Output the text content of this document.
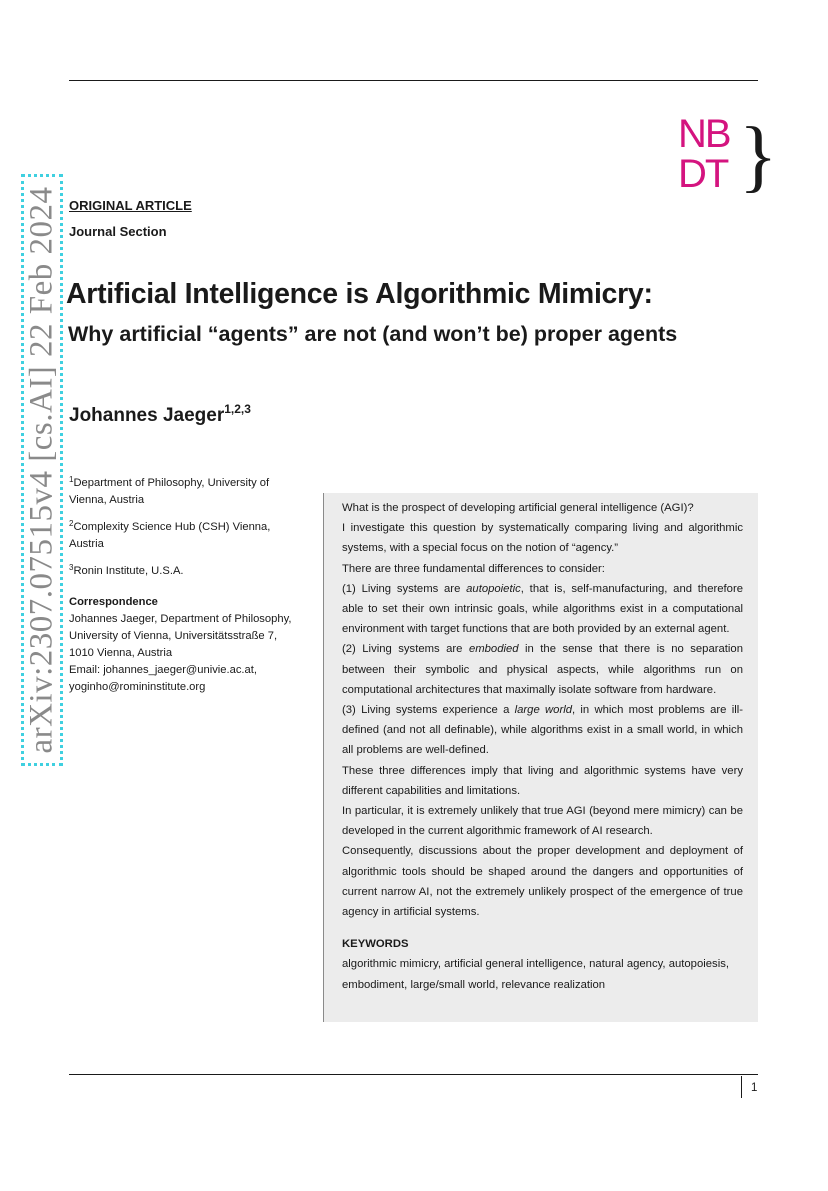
NB
DT }
arXiv:2307.07515v4 [cs.AI] 22 Feb 2024 ORIGINAL ARTICLE
Journal Section
Artificial Intelligence is Algorithmic Mimicry:
Why artificial “agents” are not (and won’t be) proper agents
Johannes Jaeger$^{1,2,3}$

$^1$Department of Philosophy, University of Vienna, Austria

$^2$Complexity Science Hub (CSH) Vienna, Austria

$^3$Ronin Institute, U.S.A.

Correspondence
Johannes Jaeger, Department of Philosophy, University of Vienna, Universitätsstraße 7, 1010 Vienna, Austria
Email: johannes_jaeger@univie.ac.at, yoginho@romininstitute.org

What is the prospect of developing artificial general intelligence (AGI)?

I investigate this question by systematically comparing living and algorithmic systems, with a special focus on the notion of “agency.”

There are three fundamental differences to consider:

(1) Living systems are autopoietic, that is, self-manufacturing, and therefore able to set their own intrinsic goals, while algorithms exist in a computational environment with target functions that are both provided by an external agent.

(2) Living systems are embodied in the sense that there is no separation between their symbolic and physical aspects, while algorithms run on computational architectures that maximally isolate software from hardware.

(3) Living systems experience a large world, in which most problems are ill-defined (and not all definable), while algorithms exist in a small world, in which all problems are well-defined.

These three differences imply that living and algorithmic systems have very different capabilities and limitations.

In particular, it is extremely unlikely that true AGI (beyond mere mimicry) can be developed in the current algorithmic framework of AI research.

Consequently, discussions about the proper development and deployment of algorithmic tools should be shaped around the dangers and opportunities of current narrow AI, not the extremely unlikely prospect of the emergence of true agency in artificial systems.

KEYWORDS

algorithmic mimicry, artificial general intelligence, natural agency, autopoiesis, embodiment, large/small world, relevance realization

1
